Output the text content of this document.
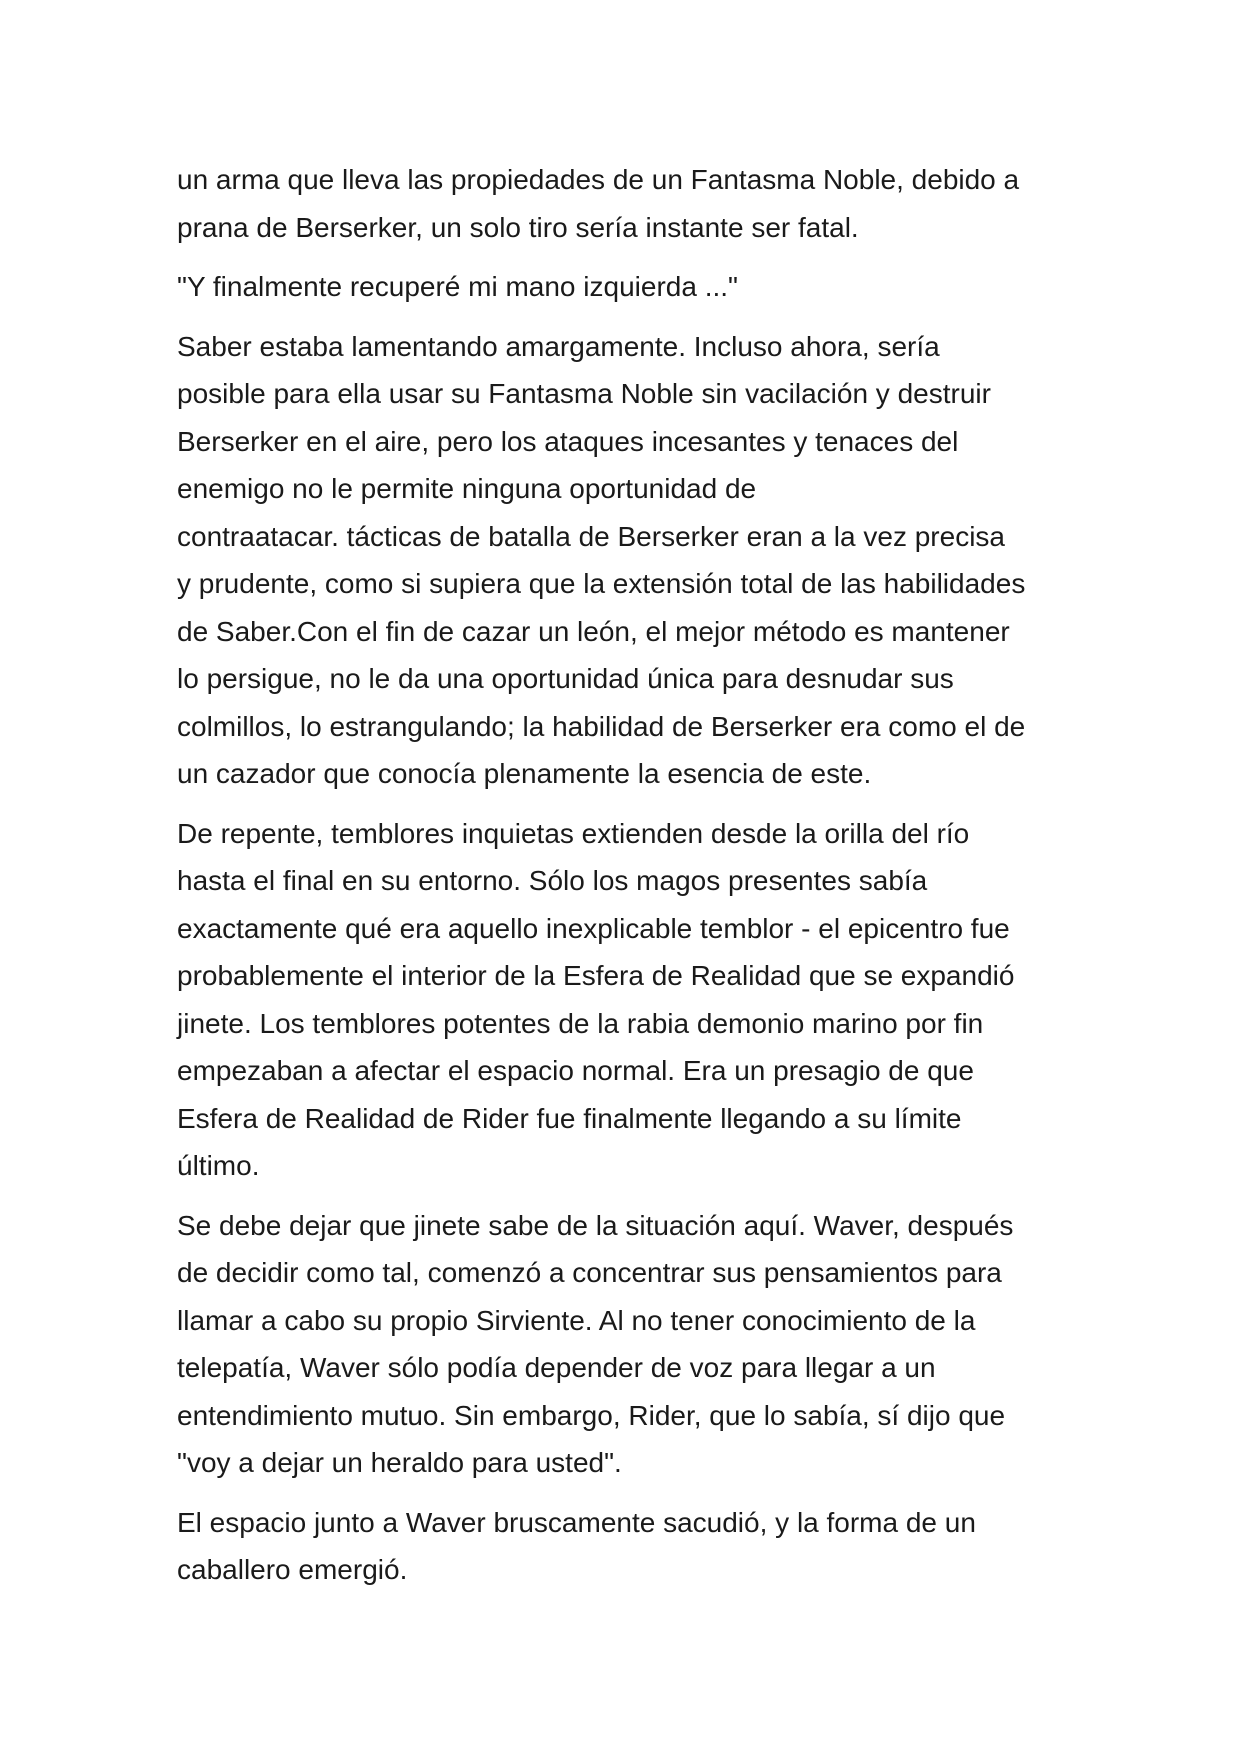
un arma que lleva las propiedades de un Fantasma Noble, debido a
prana de Berserker, un solo tiro sería instante ser fatal.

"Y finalmente recuperé mi mano izquierda ..."

Saber estaba lamentando amargamente. Incluso ahora, sería
posible para ella usar su Fantasma Noble sin vacilación y destruir
Berserker en el aire, pero los ataques incesantes y tenaces del
enemigo no le permite ninguna oportunidad de
contraatacar. tácticas de batalla de Berserker eran a la vez precisa
y prudente, como si supiera que la extensión total de las habilidades
de Saber.Con el fin de cazar un león, el mejor método es mantener
lo persigue, no le da una oportunidad única para desnudar sus
colmillos, lo estrangulando; la habilidad de Berserker era como el de
un cazador que conocía plenamente la esencia de este.

De repente, temblores inquietas extienden desde la orilla del río
hasta el final en su entorno. Sólo los magos presentes sabía
exactamente qué era aquello inexplicable temblor - el epicentro fue
probablemente el interior de la Esfera de Realidad que se expandió
jinete. Los temblores potentes de la rabia demonio marino por fin
empezaban a afectar el espacio normal. Era un presagio de que
Esfera de Realidad de Rider fue finalmente llegando a su límite
último.

Se debe dejar que jinete sabe de la situación aquí. Waver, después
de decidir como tal, comenzó a concentrar sus pensamientos para
llamar a cabo su propio Sirviente. Al no tener conocimiento de la
telepatía, Waver sólo podía depender de voz para llegar a un
entendimiento mutuo. Sin embargo, Rider, que lo sabía, sí dijo que
"voy a dejar un heraldo para usted".

El espacio junto a Waver bruscamente sacudió, y la forma de un
caballero emergió.
